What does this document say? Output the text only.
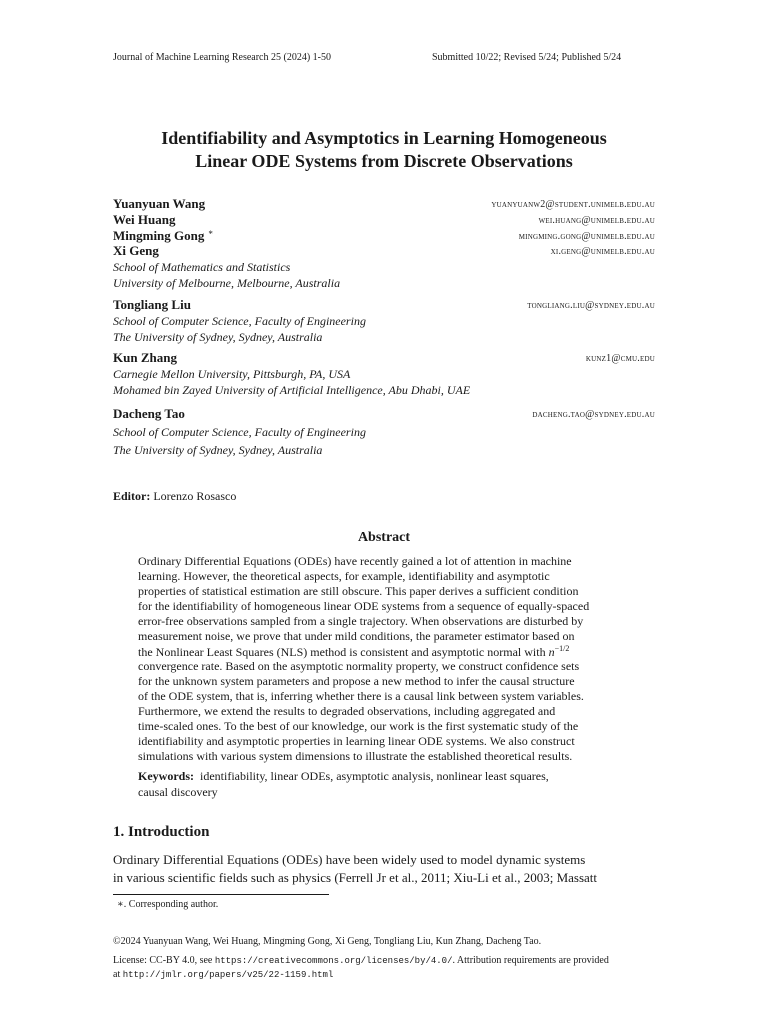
Journal of Machine Learning Research 25 (2024) 1-50	Submitted 10/22; Revised 5/24; Published 5/24
Identifiability and Asymptotics in Learning Homogeneous
Linear ODE Systems from Discrete Observations
Yuanyuan Wang	yuanyuanw2@student.unimelb.edu.au
Wei Huang	wei.huang@unimelb.edu.au
Mingming Gong *	mingming.gong@unimelb.edu.au
Xi Geng	xi.geng@unimelb.edu.au
School of Mathematics and Statistics
University of Melbourne, Melbourne, Australia
Tongliang Liu	tongliang.liu@sydney.edu.au
School of Computer Science, Faculty of Engineering
The University of Sydney, Sydney, Australia
Kun Zhang	kunz1@cmu.edu
Carnegie Mellon University, Pittsburgh, PA, USA
Mohamed bin Zayed University of Artificial Intelligence, Abu Dhabi, UAE
Dacheng Tao	dacheng.tao@sydney.edu.au
School of Computer Science, Faculty of Engineering
The University of Sydney, Sydney, Australia
Editor: Lorenzo Rosasco
Abstract
Ordinary Differential Equations (ODEs) have recently gained a lot of attention in machine
learning. However, the theoretical aspects, for example, identifiability and asymptotic
properties of statistical estimation are still obscure. This paper derives a sufficient condition
for the identifiability of homogeneous linear ODE systems from a sequence of equally-spaced
error-free observations sampled from a single trajectory. When observations are disturbed by
measurement noise, we prove that under mild conditions, the parameter estimator based on
the Nonlinear Least Squares (NLS) method is consistent and asymptotic normal with $n^{-1/2}$
convergence rate. Based on the asymptotic normality property, we construct confidence sets
for the unknown system parameters and propose a new method to infer the causal structure
of the ODE system, that is, inferring whether there is a causal link between system variables.
Furthermore, we extend the results to degraded observations, including aggregated and
time-scaled ones. To the best of our knowledge, our work is the first systematic study of the
identifiability and asymptotic properties in learning linear ODE systems. We also construct
simulations with various system dimensions to illustrate the established theoretical results.
Keywords: identifiability, linear ODEs, asymptotic analysis, nonlinear least squares,
causal discovery
1. Introduction
Ordinary Differential Equations (ODEs) have been widely used to model dynamic systems
in various scientific fields such as physics (Ferrell Jr et al., 2011; Xiu-Li et al., 2003; Massatt
∗. Corresponding author.
©2024 Yuanyuan Wang, Wei Huang, Mingming Gong, Xi Geng, Tongliang Liu, Kun Zhang, Dacheng Tao.
License: CC-BY 4.0, see https://creativecommons.org/licenses/by/4.0/. Attribution requirements are provided
at http://jmlr.org/papers/v25/22-1159.html
